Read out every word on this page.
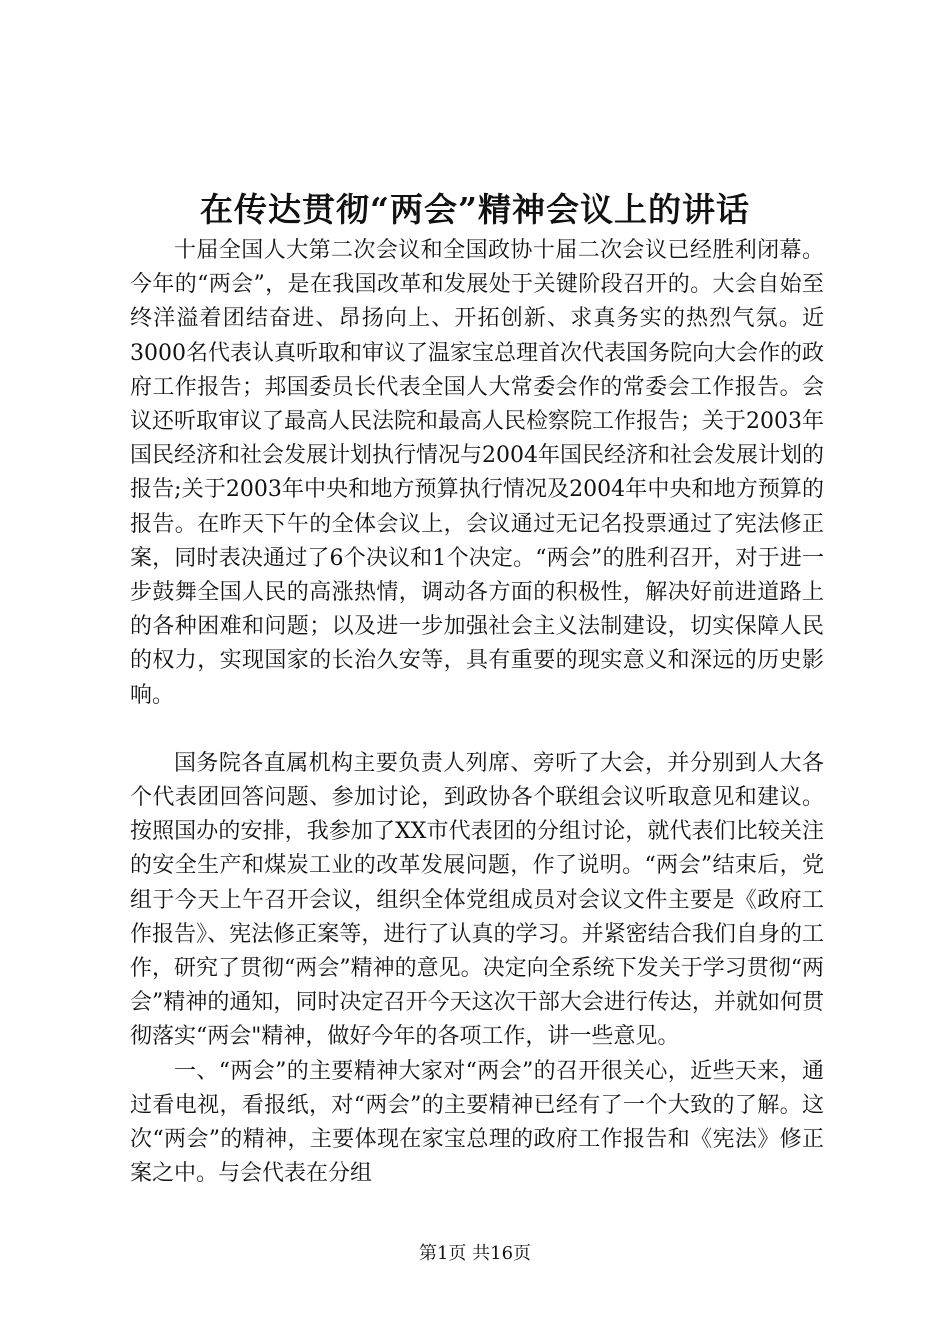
在传达贯彻“两会”精神会议上的讲话

十届全国人大第二次会议和全国政协十届二次会议已经胜利闭幕。今年的“两会”，是在我国改革和发展处于关键阶段召开的。大会自始至终洋溢着团结奋进、昂扬向上、开拓创新、求真务实的热烈气氛。近3000名代表认真听取和审议了温家宝总理首次代表国务院向大会作的政府工作报告；邦国委员长代表全国人大常委会作的常委会工作报告。会议还听取审议了最高人民法院和最高人民检察院工作报告；关于2003年国民经济和社会发展计划执行情况与2004年国民经济和社会发展计划的报告;关于2003年中央和地方预算执行情况及2004年中央和地方预算的报告。在昨天下午的全体会议上，会议通过无记名投票通过了宪法修正案，同时表决通过了6个决议和1个决定。“两会”的胜利召开，对于进一步鼓舞全国人民的高涨热情，调动各方面的积极性，解决好前进道路上的各种困难和问题；以及进一步加强社会主义法制建设，切实保障人民的权力，实现国家的长治久安等，具有重要的现实意义和深远的历史影响。

国务院各直属机构主要负责人列席、旁听了大会，并分别到人大各个代表团回答问题、参加讨论，到政协各个联组会议听取意见和建议。按照国办的安排，我参加了XX市代表团的分组讨论，就代表们比较关注的安全生产和煤炭工业的改革发展问题，作了说明。“两会”结束后，党组于今天上午召开会议，组织全体党组成员对会议文件主要是《政府工作报告》、宪法修正案等，进行了认真的学习。并紧密结合我们自身的工作，研究了贯彻“两会”精神的意见。决定向全系统下发关于学习贯彻“两会”精神的通知，同时决定召开今天这次干部大会进行传达，并就如何贯彻落实“两会"精神，做好今年的各项工作，讲一些意见。

一、“两会”的主要精神大家对“两会”的召开很关心，近些天来，通过看电视，看报纸，对“两会”的主要精神已经有了一个大致的了解。这次“两会”的精神，主要体现在家宝总理的政府工作报告和《宪法》修正案之中。与会代表在分组

第1页 共16页
